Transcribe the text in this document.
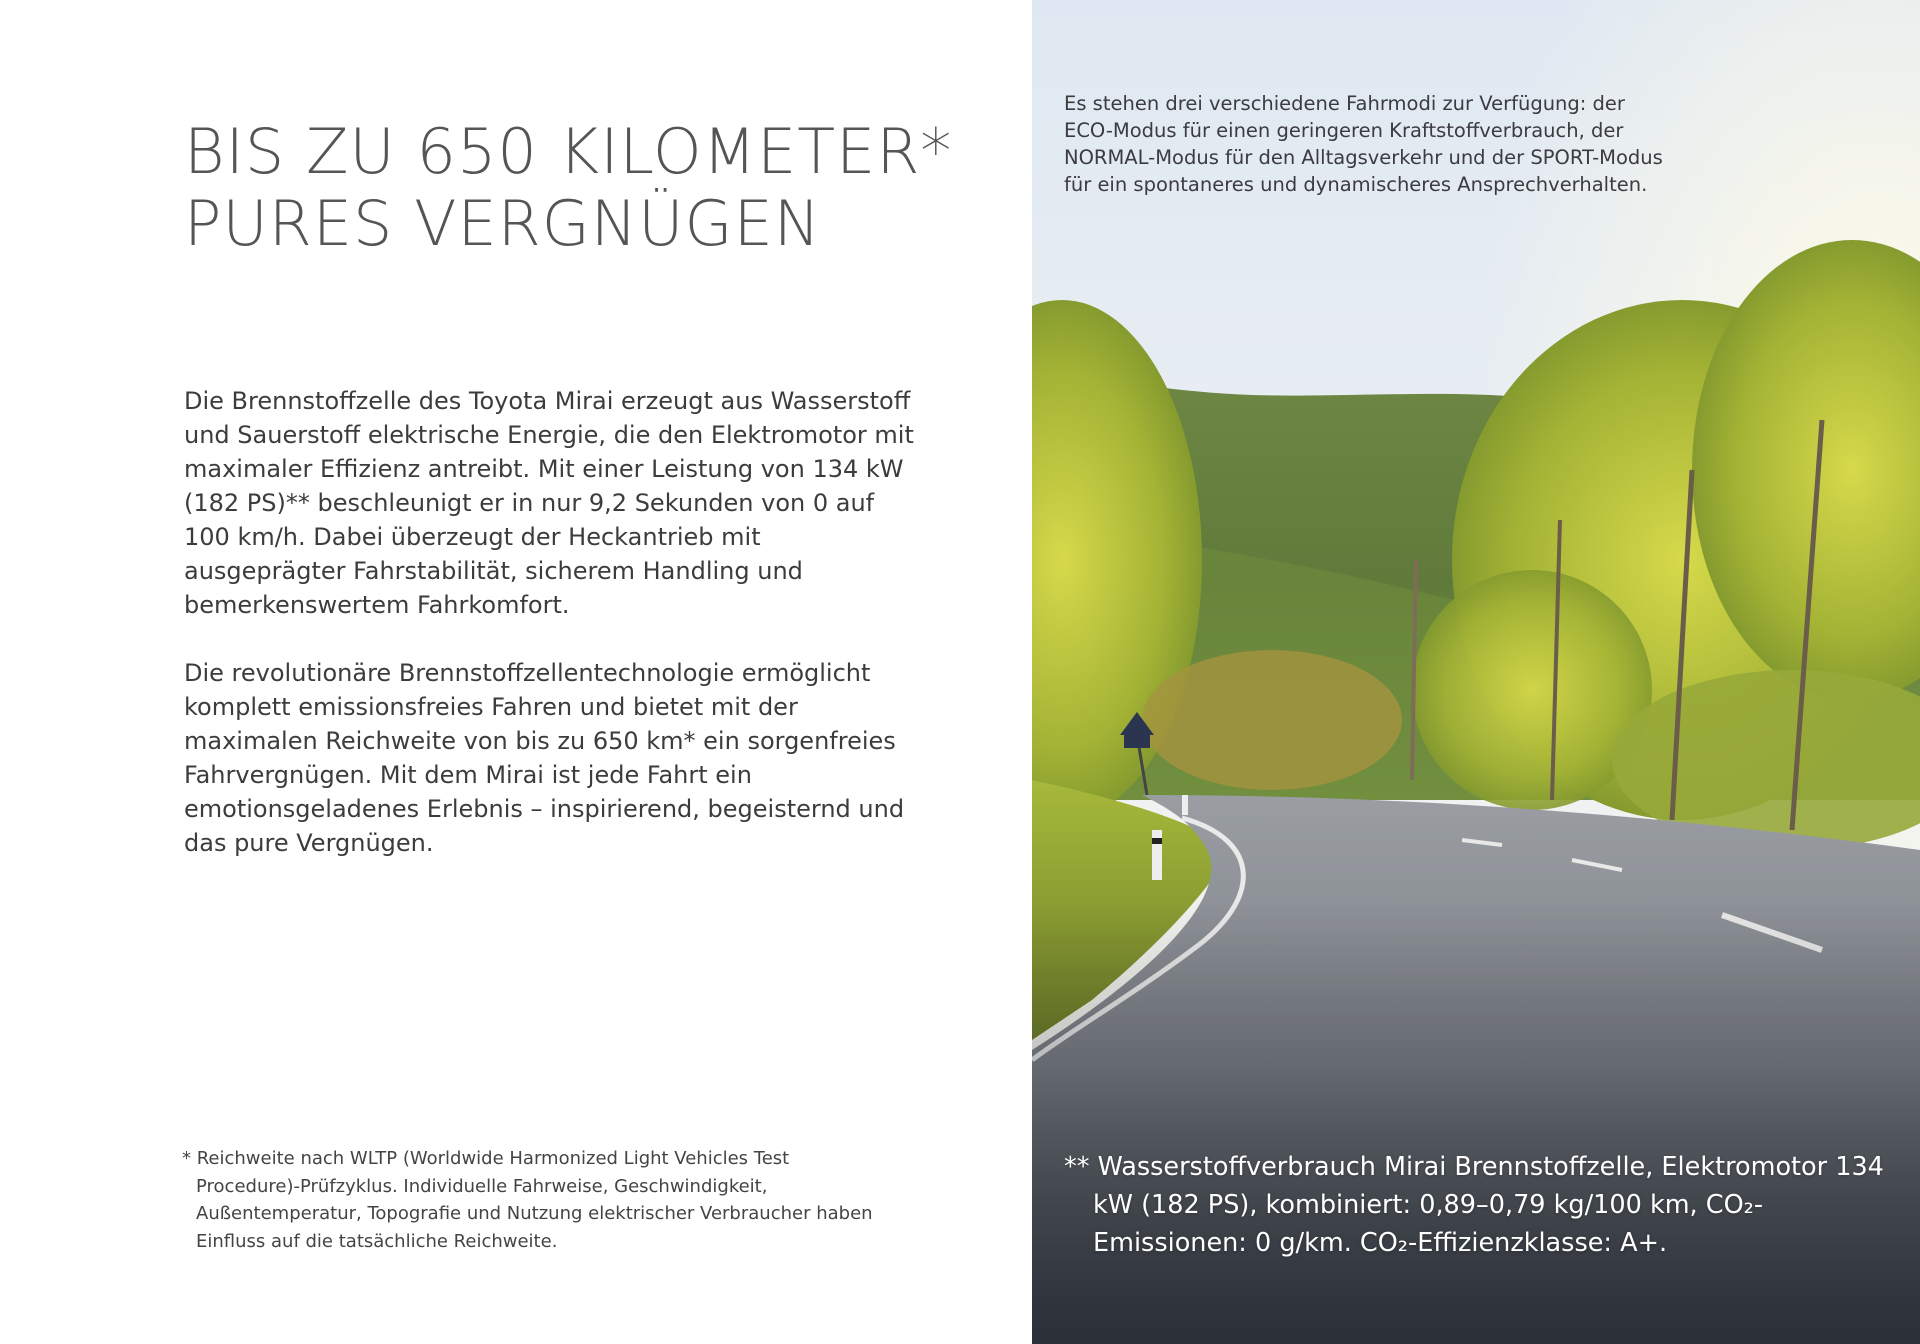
BIS ZU 650 KILOMETER*
PURES VERGNÜGEN

Die Brennstoffzelle des Toyota Mirai erzeugt aus Wasserstoff und Sauerstoff elektrische Energie, die den Elektromotor mit maximaler Effizienz antreibt. Mit einer Leistung von 134 kW (182 PS)** beschleunigt er in nur 9,2 Sekunden von 0 auf 100 km/h. Dabei überzeugt der Heckantrieb mit ausgeprägter Fahrstabilität, sicherem Handling und bemerkenswertem Fahrkomfort.

Die revolutionäre Brennstoffzellentechnologie ermöglicht komplett emissionsfreies Fahren und bietet mit der maximalen Reichweite von bis zu 650 km* ein sorgenfreies Fahrvergnügen. Mit dem Mirai ist jede Fahrt ein emotionsgeladenes Erlebnis – inspirierend, begeisternd und das pure Vergnügen.

* Reichweite nach WLTP (Worldwide Harmonized Light Vehicles Test Procedure)-Prüfzyklus. Individuelle Fahrweise, Geschwindigkeit, Außentemperatur, Topografie und Nutzung elektrischer Verbraucher haben Einfluss auf die tatsächliche Reichweite.
Es stehen drei verschiedene Fahrmodi zur Verfügung: der ECO-Modus für einen geringeren Kraftstoffverbrauch, der NORMAL-Modus für den Alltagsverkehr und der SPORT-Modus für ein spontaneres und dynamischeres Ansprechverhalten.
** Wasserstoffverbrauch Mirai Brennstoffzelle, Elektromotor 134 kW (182 PS), kombiniert: 0,89–0,79 kg/100 km, CO₂-Emissionen: 0 g/km. CO₂-Effizienzklasse: A+.
